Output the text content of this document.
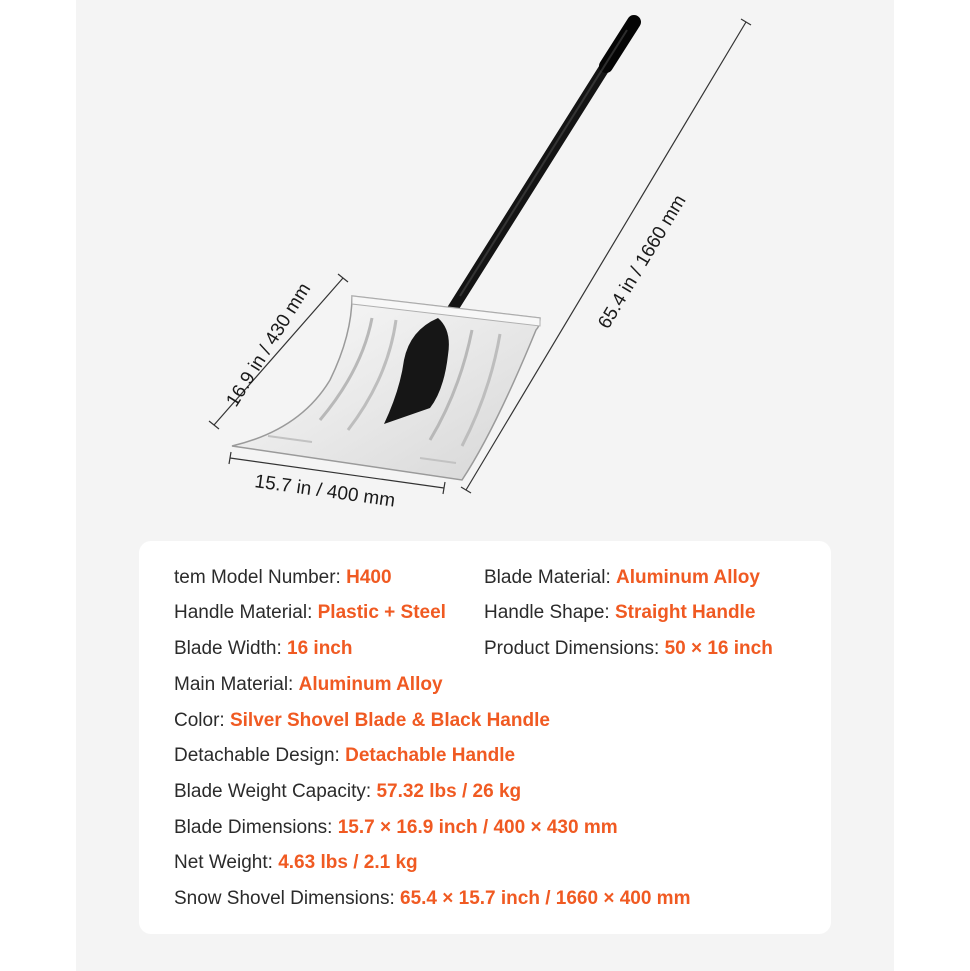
65.4 in / 1660 mm
16.9 in / 430 mm
15.7 in / 400 mm
tem Model Number: H400	Blade Material: Aluminum Alloy
Handle Material: Plastic + Steel Handle Shape: Straight Handle
Blade Width: 16 inch	Product Dimensions: 50 × 16 inch
Main Material: Aluminum Alloy
Color: Silver Shovel Blade & Black Handle
Detachable Design: Detachable Handle
Blade Weight Capacity: 57.32 lbs / 26 kg
Blade Dimensions: 15.7 × 16.9 inch / 400 × 430 mm
Net Weight: 4.63 lbs / 2.1 kg
Snow Shovel Dimensions: 65.4 × 15.7 inch / 1660 × 400 mm
